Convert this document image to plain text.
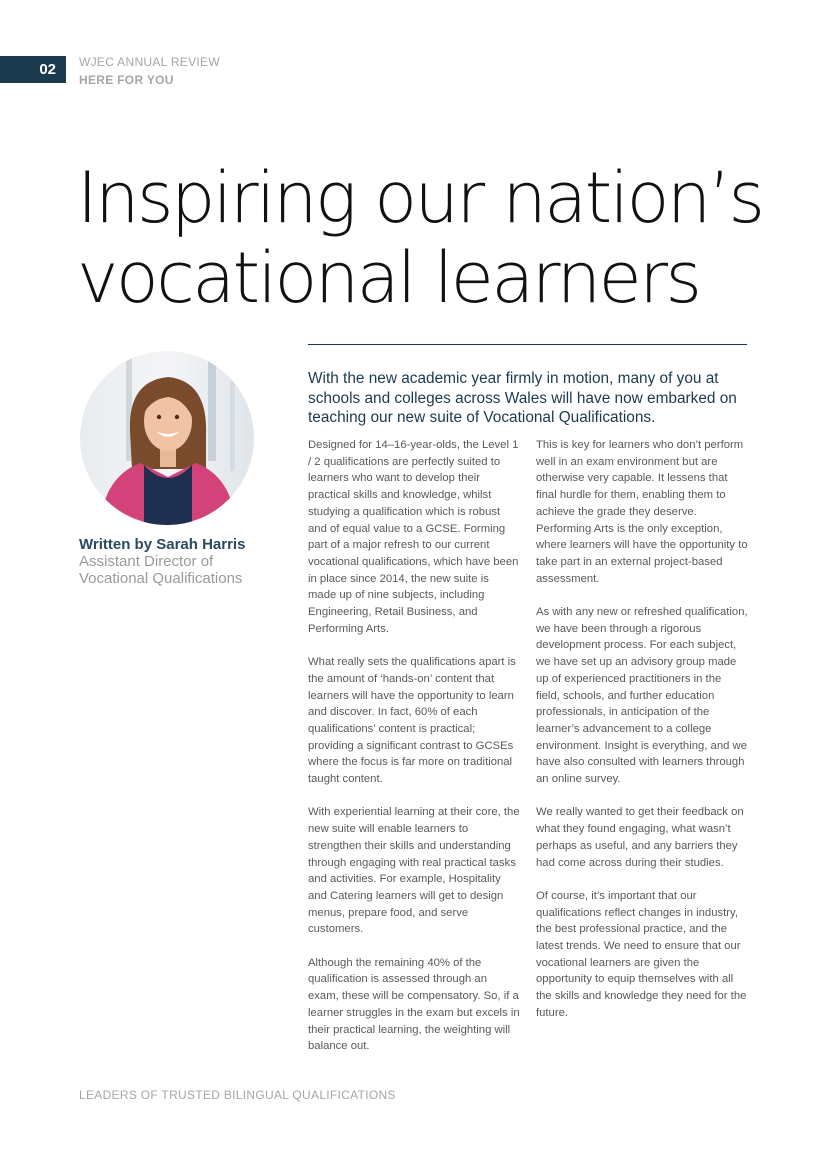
02 WJEC ANNUAL REVIEW
HERE FOR YOU
Inspiring our nation’s
vocational learners
Written by Sarah Harris
Assistant Director of
Vocational Qualifications

With the new academic year firmly in motion, many of you at schools and colleges across Wales will have now embarked on teaching our new suite of Vocational Qualifications.

Designed for 14–16-year-olds, the Level 1 / 2 qualifications are perfectly suited to learners who want to develop their practical skills and knowledge, whilst studying a qualification which is robust and of equal value to a GCSE. Forming part of a major refresh to our current vocational qualifications, which have been in place since 2014, the new suite is made up of nine subjects, including Engineering, Retail Business, and Performing Arts.

What really sets the qualifications apart is the amount of ‘hands-on’ content that learners will have the opportunity to learn and discover. In fact, 60% of each qualifications’ content is practical; providing a significant contrast to GCSEs where the focus is far more on traditional taught content.

With experiential learning at their core, the new suite will enable learners to strengthen their skills and understanding through engaging with real practical tasks and activities. For example, Hospitality and Catering learners will get to design menus, prepare food, and serve customers.

Although the remaining 40% of the qualification is assessed through an exam, these will be compensatory. So, if a learner struggles in the exam but excels in their practical learning, the weighting will balance out.

This is key for learners who don’t perform well in an exam environment but are otherwise very capable. It lessens that final hurdle for them, enabling them to achieve the grade they deserve. Performing Arts is the only exception, where learners will have the opportunity to take part in an external project-based assessment.

As with any new or refreshed qualification, we have been through a rigorous development process. For each subject, we have set up an advisory group made up of experienced practitioners in the field, schools, and further education professionals, in anticipation of the learner’s advancement to a college environment. Insight is everything, and we have also consulted with learners through an online survey.

We really wanted to get their feedback on what they found engaging, what wasn’t perhaps as useful, and any barriers they had come across during their studies.

Of course, it’s important that our qualifications reflect changes in industry, the best professional practice, and the latest trends. We need to ensure that our vocational learners are given the opportunity to equip themselves with all the skills and knowledge they need for the future.

LEADERS OF TRUSTED BILINGUAL QUALIFICATIONS
